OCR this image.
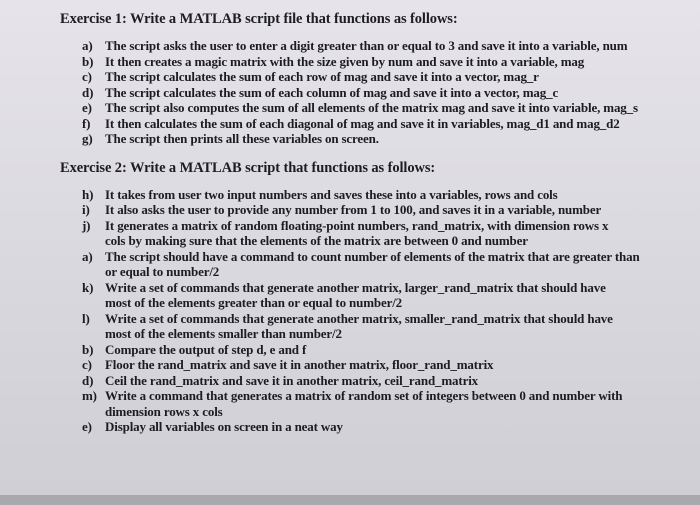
Exercise 1: Write a MATLAB script file that functions as follows:
a) The script asks the user to enter a digit greater than or equal to 3 and save it into a variable, num
b) It then creates a magic matrix with the size given by num and save it into a variable, mag
c)	The script calculates the sum of each row of mag and save it into a vector, mag_r
d) The script calculates the sum of each column of mag and save it into a vector, mag_c
e)	The script also computes the sum of all elements of the matrix mag and save it into variable, mag_s
f)	It then calculates the sum of each diagonal of mag and save it in variables, mag_d1 and mag_d2
g) The script then prints all these variables on screen.
Exercise 2: Write a MATLAB script that functions as follows:
h) It takes from user two input numbers and saves these into a variables, rows and cols
i)	It also asks the user to provide any number from 1 to 100, and saves it in a variable, number
j)	It generates a matrix of random floating-point numbers, rand_matrix, with dimension rows x
cols by making sure that the elements of the matrix are between 0 and number
a) The script should have a command to count number of elements of the matrix that are greater than
or equal to number/2
k) Write a set of commands that generate another matrix, larger_rand_matrix that should have
most of the elements greater than or equal to number/2
l)	Write a set of commands that generate another matrix, smaller_rand_matrix that should have
most of the elements smaller than number/2
b) Compare the output of step d, e and f
c)	Floor the rand_matrix and save it in another matrix, floor_rand_matrix
d) Ceil the rand_matrix and save it in another matrix, ceil_rand_matrix
m) Write a command that generates a matrix of random set of integers between 0 and number with
dimension rows x cols
e)	Display all variables on screen in a neat way
